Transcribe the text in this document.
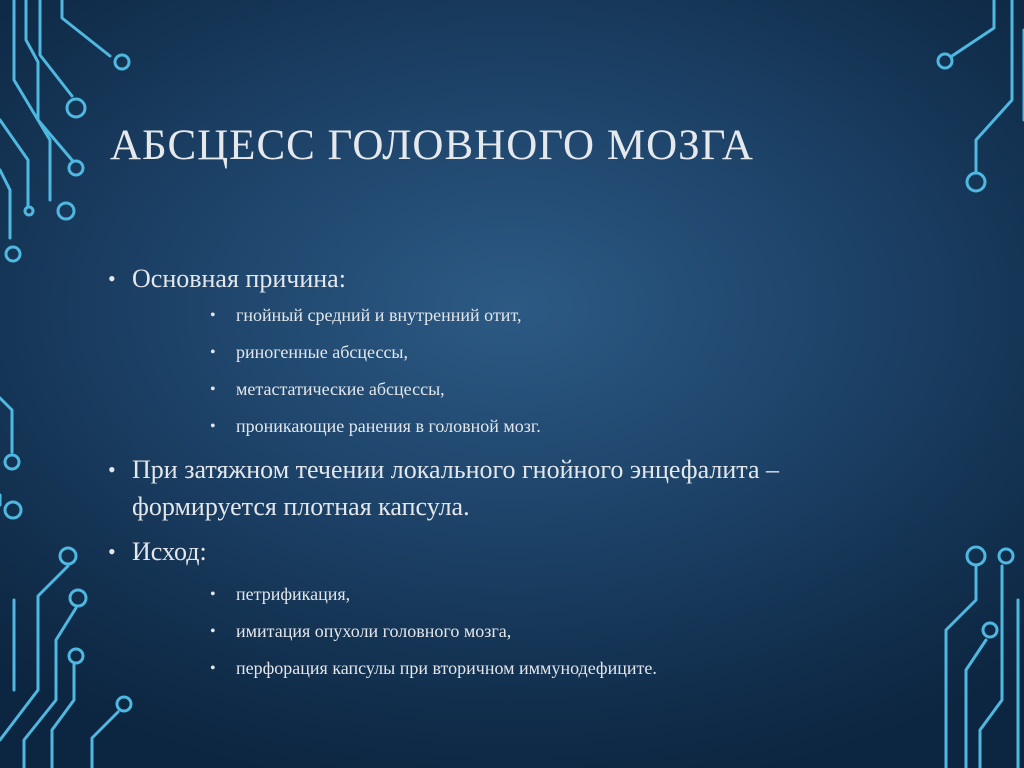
АБСЦЕСС ГОЛОВНОГО МОЗГА
• Основная причина:
• гнойный средний и внутренний отит,
• риногенные абсцессы,
• метастатические абсцессы,
• проникающие ранения в головной мозг.
• При затяжном течении локального гнойного энцефалита –
формируется плотная капсула.
• Исход:
• петрификация,
• имитация опухоли головного мозга,
• перфорация капсулы при вторичном иммунодефиците.
